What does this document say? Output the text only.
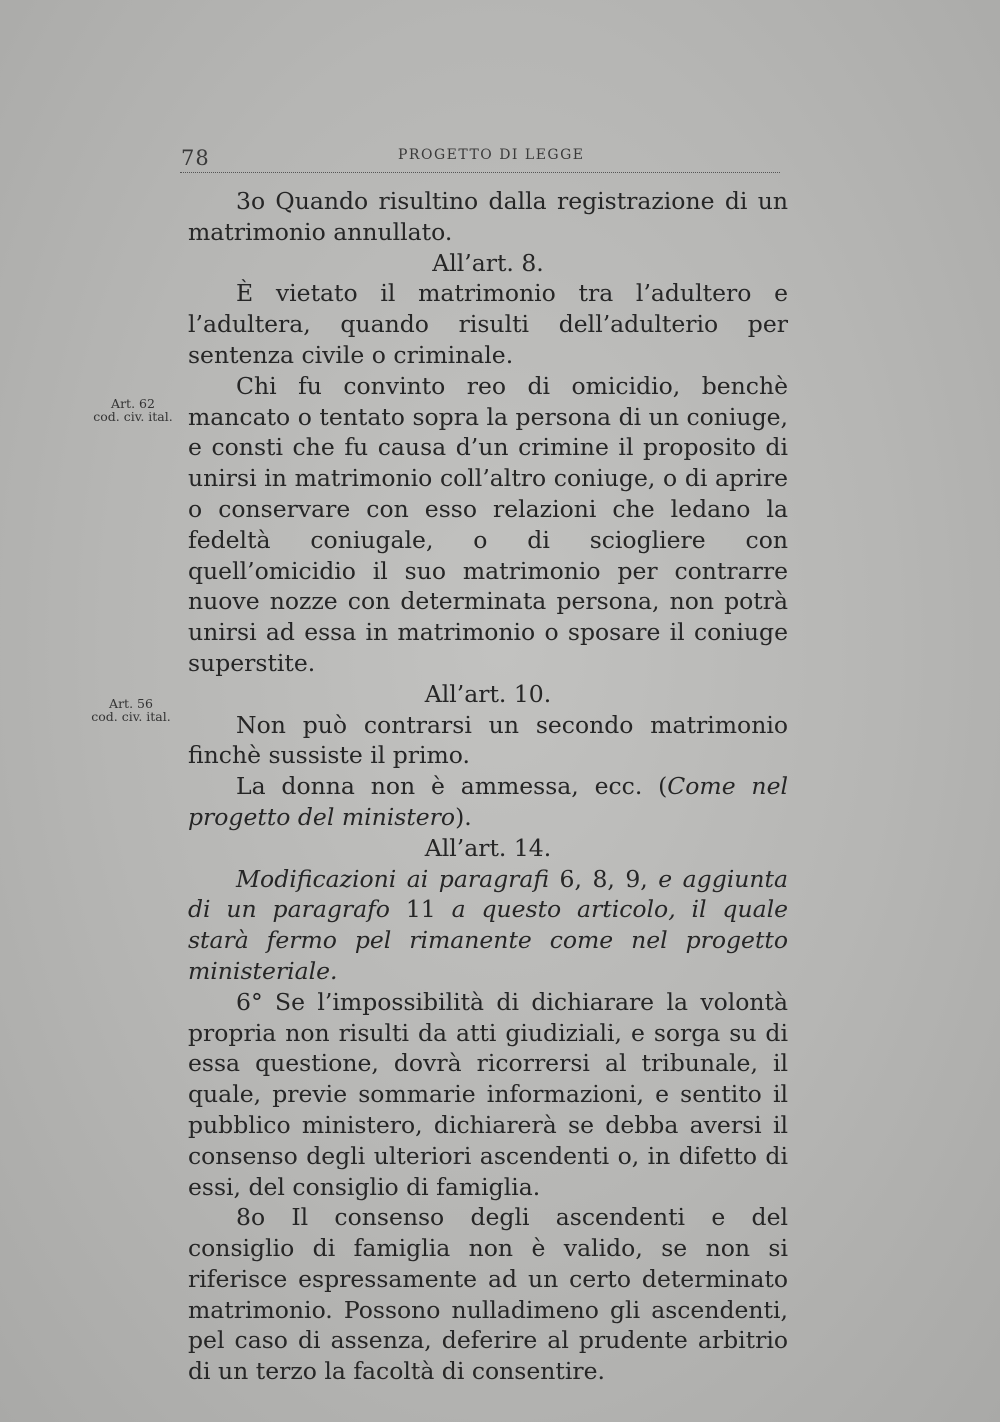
78	PROGETTO DI LEGGE
Art. 62
cod. civ. ital.
Art. 56
cod. civ. ital.

3o Quando risultino dalla registrazione di un matrimonio annullato.

All’art. 8.

È vietato il matrimonio tra l’adultero e l’adultera, quando risulti dell’adulterio per sentenza civile o criminale.

Chi fu convinto reo di omicidio, benchè mancato o tentato sopra la persona di un coniuge, e consti che fu causa d’un crimine il proposito di unirsi in matrimonio coll’altro coniuge, o di aprire o conservare con esso relazioni che ledano la fedeltà coniugale, o di sciogliere con quell’omicidio il suo matrimonio per contrarre nuove nozze con determinata persona, non potrà unirsi ad essa in matrimonio o sposare il coniuge superstite.

All’art. 10.

Non può contrarsi un secondo matrimonio finchè sussiste il primo.

La donna non è ammessa, ecc. (Come nel progetto del ministero).

All’art. 14.

Modificazioni ai paragrafi 6, 8, 9, e aggiunta di un paragrafo 11 a questo articolo, il quale starà fermo pel rimanente come nel progetto ministeriale.

6° Se l’impossibilità di dichiarare la volontà propria non risulti da atti giudiziali, e sorga su di essa questione, dovrà ricorrersi al tribunale, il quale, previe sommarie informazioni, e sentito il pubblico ministero, dichiarerà se debba aversi il consenso degli ulteriori ascendenti o, in difetto di essi, del consiglio di famiglia.

8o Il consenso degli ascendenti e del consiglio di famiglia non è valido, se non si riferisce espressamente ad un certo determinato matrimonio. Possono nulladimeno gli ascendenti, pel caso di assenza, deferire al prudente arbitrio di un terzo la facoltà di consentire.
